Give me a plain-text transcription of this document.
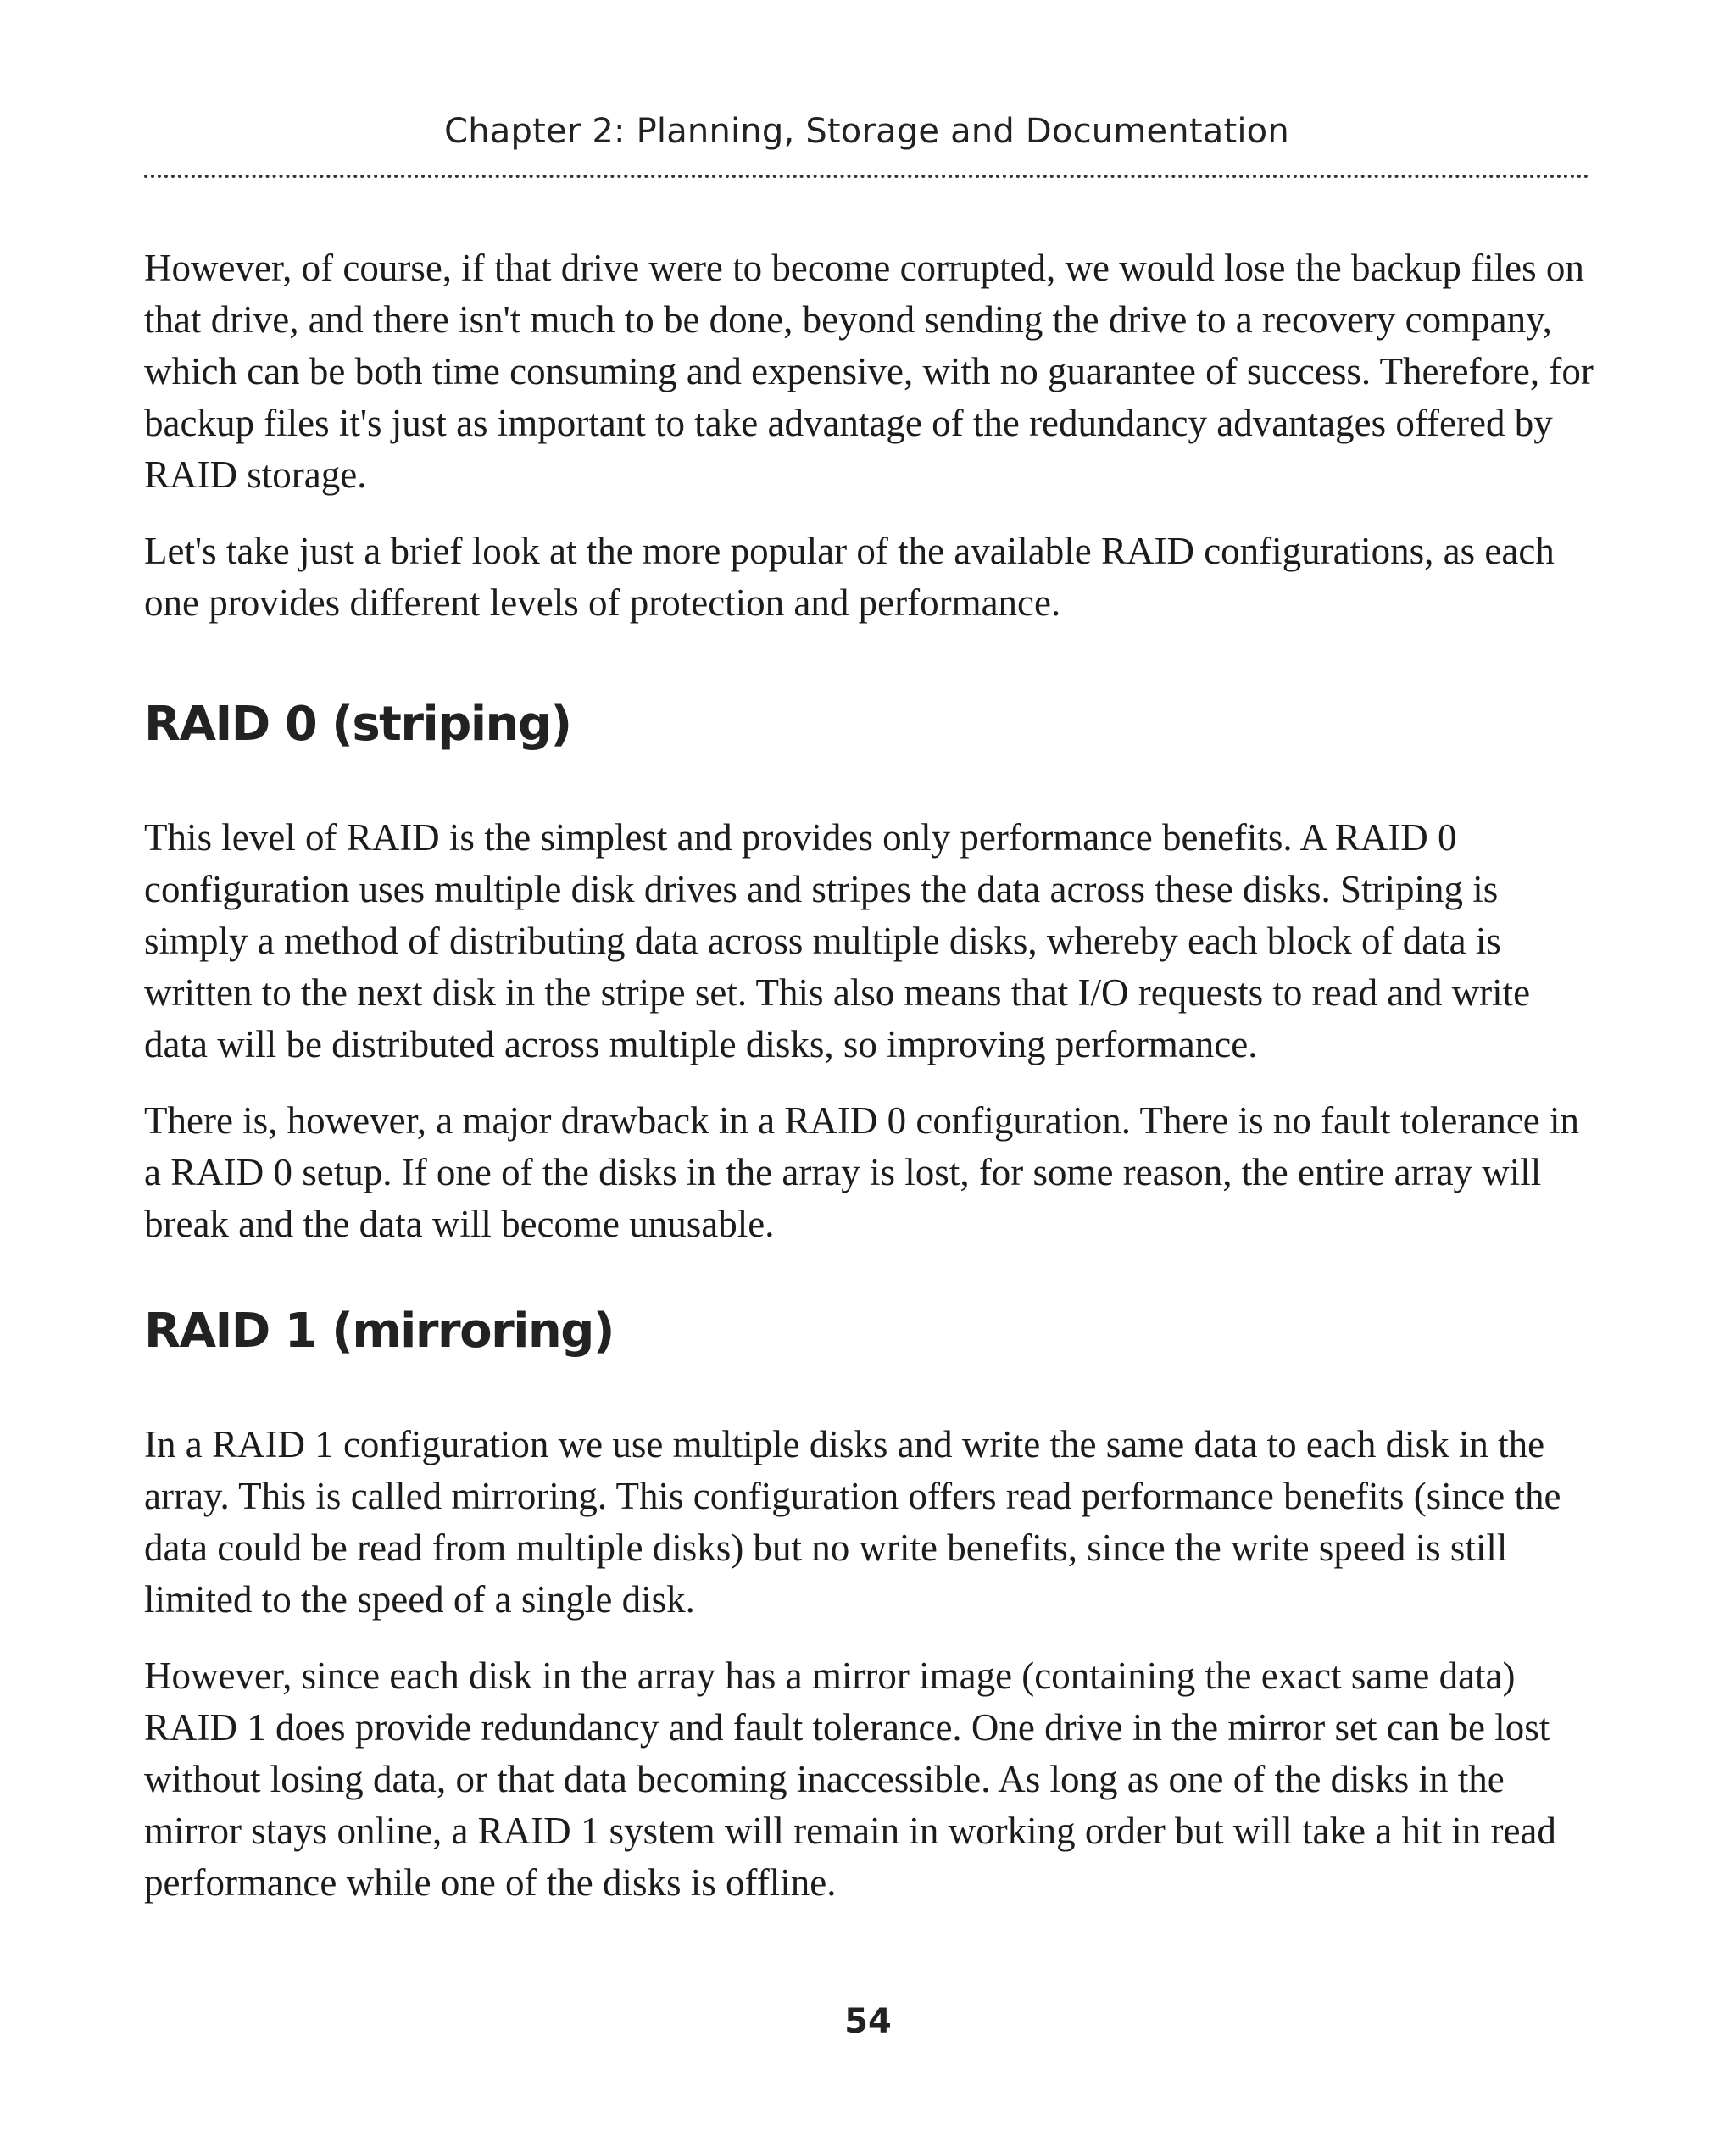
Chapter 2: Planning, Storage and Documentation

However, of course, if that drive were to become corrupted, we would lose the backup files on that drive, and there isn't much to be done, beyond sending the drive to a recovery company, which can be both time consuming and expensive, with no guarantee of success. Therefore, for backup files it's just as important to take advantage of the redundancy advantages offered by RAID storage.

Let's take just a brief look at the more popular of the available RAID configurations, as each one provides different levels of protection and performance.

RAID 0 (striping)

This level of RAID is the simplest and provides only performance benefits. A RAID 0 configuration uses multiple disk drives and stripes the data across these disks. Striping is simply a method of distributing data across multiple disks, whereby each block of data is written to the next disk in the stripe set. This also means that I/O requests to read and write data will be distributed across multiple disks, so improving performance.

There is, however, a major drawback in a RAID 0 configuration. There is no fault tolerance in a RAID 0 setup. If one of the disks in the array is lost, for some reason, the entire array will break and the data will become unusable.

RAID 1 (mirroring)

In a RAID 1 configuration we use multiple disks and write the same data to each disk in the array. This is called mirroring. This configuration offers read performance benefits (since the data could be read from multiple disks) but no write benefits, since the write speed is still limited to the speed of a single disk.

However, since each disk in the array has a mirror image (containing the exact same data) RAID 1 does provide redundancy and fault tolerance. One drive in the mirror set can be lost without losing data, or that data becoming inaccessible. As long as one of the disks in the mirror stays online, a RAID 1 system will remain in working order but will take a hit in read performance while one of the disks is offline.

54
